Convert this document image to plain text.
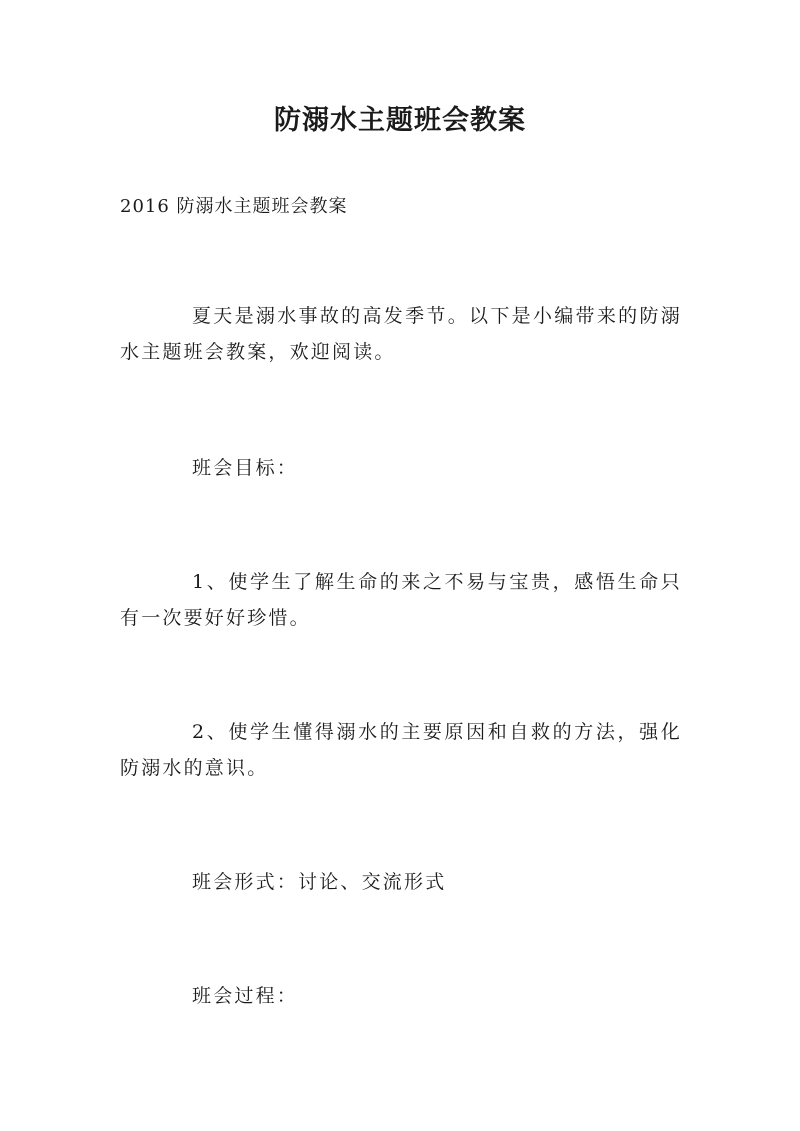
防溺水主题班会教案
2016 防溺水主题班会教案

夏天是溺水事故的高发季节。以下是小编带来的防溺水主题班会教案，欢迎阅读。

班会目标：

1、使学生了解生命的来之不易与宝贵，感悟生命只有一次要好好珍惜。

2、使学生懂得溺水的主要原因和自救的方法，强化防溺水的意识。

班会形式：讨论、交流形式

班会过程：
